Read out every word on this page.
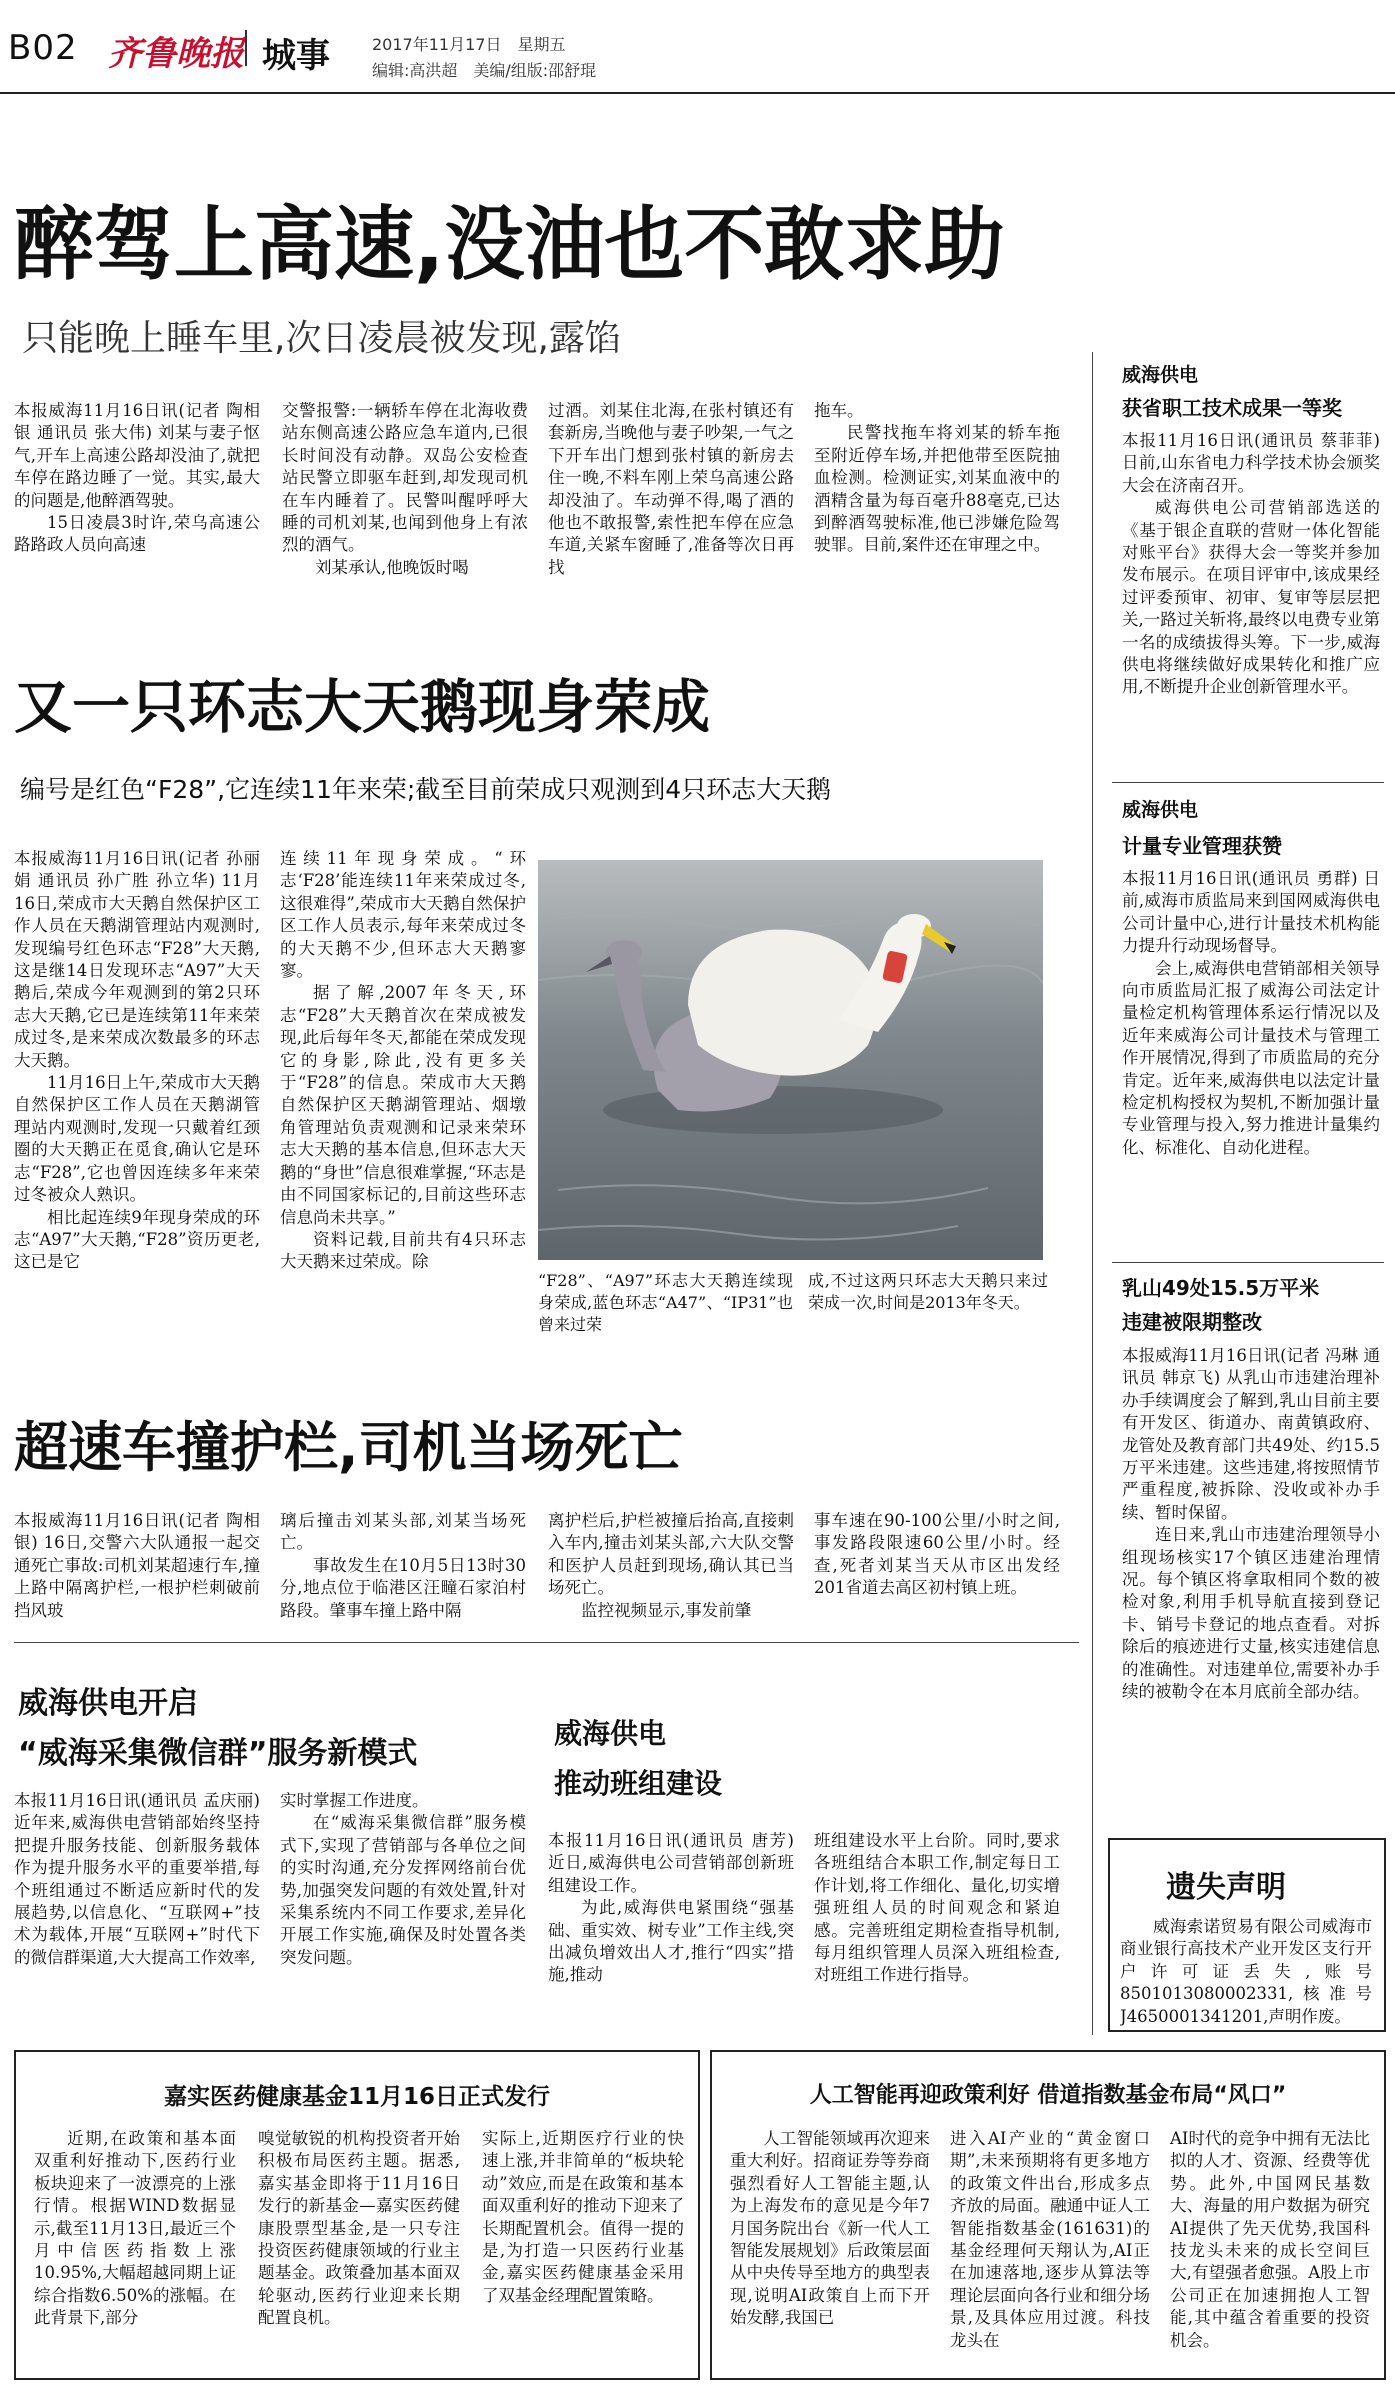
B02 齐鲁晚报 城事	2017年11月17日　星期五
编辑:高洪超　美编/组版:邵舒琨
醉驾上高速,没油也不敢求助
只能晚上睡车里,次日凌晨被发现,露馅

本报威海11月16日讯(记者 陶相银 通讯员 张大伟) 刘某与妻子怄气,开车上高速公路却没油了,就把车停在路边睡了一觉。其实,最大的问题是,他醉酒驾驶。

15日凌晨3时许,荣乌高速公路路政人员向高速

交警报警:一辆轿车停在北海收费站东侧高速公路应急车道内,已很长时间没有动静。双岛公安检查站民警立即驱车赶到,却发现司机在车内睡着了。民警叫醒呼呼大睡的司机刘某,也闻到他身上有浓烈的酒气。

刘某承认,他晚饭时喝

过酒。刘某住北海,在张村镇还有套新房,当晚他与妻子吵架,一气之下开车出门想到张村镇的新房去住一晚,不料车刚上荣乌高速公路却没油了。车动弹不得,喝了酒的他也不敢报警,索性把车停在应急车道,关紧车窗睡了,准备等次日再找

拖车。

民警找拖车将刘某的轿车拖至附近停车场,并把他带至医院抽血检测。检测证实,刘某血液中的酒精含量为每百毫升88毫克,已达到醉酒驾驶标准,他已涉嫌危险驾驶罪。目前,案件还在审理之中。

又一只环志大天鹅现身荣成
编号是红色“F28”,它连续11年来荣;截至目前荣成只观测到4只环志大天鹅

本报威海11月16日讯(记者 孙丽娟 通讯员 孙广胜 孙立华) 11月16日,荣成市大天鹅自然保护区工作人员在天鹅湖管理站内观测时,发现编号红色环志“F28”大天鹅,这是继14日发现环志“A97”大天鹅后,荣成今年观测到的第2只环志大天鹅,它已是连续第11年来荣成过冬,是来荣成次数最多的环志大天鹅。

11月16日上午,荣成市大天鹅自然保护区工作人员在天鹅湖管理站内观测时,发现一只戴着红颈圈的大天鹅正在觅食,确认它是环志“F28”,它也曾因连续多年来荣过冬被众人熟识。

相比起连续9年现身荣成的环志“A97”大天鹅,“F28”资历更老,这已是它

连续11年现身荣成。“环志‘F28’能连续11年来荣成过冬,这很难得”,荣成市大天鹅自然保护区工作人员表示,每年来荣成过冬的大天鹅不少,但环志大天鹅寥寥。

据了解,2007年冬天,环志“F28”大天鹅首次在荣成被发现,此后每年冬天,都能在荣成发现它的身影,除此,没有更多关于“F28”的信息。荣成市大天鹅自然保护区天鹅湖管理站、烟墩角管理站负责观测和记录来荣环志大天鹅的基本信息,但环志大天鹅的“身世”信息很难掌握,“环志是由不同国家标记的,目前这些环志信息尚未共享。”

资料记载,目前共有4只环志大天鹅来过荣成。除

“F28”、“A97”环志大天鹅连续现身荣成,蓝色环志“A47”、“IP31”也曾来过荣
成,不过这两只环志大天鹅只来过荣成一次,时间是2013年冬天。
超速车撞护栏,司机当场死亡

本报威海11月16日讯(记者 陶相银) 16日,交警六大队通报一起交通死亡事故:司机刘某超速行车,撞上路中隔离护栏,一根护栏刺破前挡风玻

璃后撞击刘某头部,刘某当场死亡。

事故发生在10月5日13时30分,地点位于临港区汪疃石家泊村路段。肇事车撞上路中隔

离护栏后,护栏被撞后抬高,直接刺入车内,撞击刘某头部,六大队交警和医护人员赶到现场,确认其已当场死亡。

监控视频显示,事发前肇

事车速在90-100公里/小时之间,事发路段限速60公里/小时。经查,死者刘某当天从市区出发经201省道去高区初村镇上班。

威海供电开启
“威海采集微信群”服务新模式

本报11月16日讯(通讯员 孟庆丽) 近年来,威海供电营销部始终坚持把提升服务技能、创新服务载体作为提升服务水平的重要举措,每个班组通过不断适应新时代的发展趋势,以信息化、“互联网+”技术为载体,开展“互联网+”时代下的微信群渠道,大大提高工作效率,

实时掌握工作进度。

在“威海采集微信群”服务模式下,实现了营销部与各单位之间的实时沟通,充分发挥网络前台优势,加强突发问题的有效处置,针对采集系统内不同工作要求,差异化开展工作实施,确保及时处置各类突发问题。

威海供电
推动班组建设

本报11月16日讯(通讯员 唐芳) 近日,威海供电公司营销部创新班组建设工作。

为此,威海供电紧围绕“强基础、重实效、树专业”工作主线,突出减负增效出人才,推行“四实”措施,推动

班组建设水平上台阶。同时,要求各班组结合本职工作,制定每日工作计划,将工作细化、量化,切实增强班组人员的时间观念和紧迫感。完善班组定期检查指导机制,每月组织管理人员深入班组检查,对班组工作进行指导。

威海供电
获省职工技术成果一等奖

本报11月16日讯(通讯员 蔡菲菲) 日前,山东省电力科学技术协会颁奖大会在济南召开。

威海供电公司营销部选送的《基于银企直联的营财一体化智能对账平台》获得大会一等奖并参加发布展示。在项目评审中,该成果经过评委预审、初审、复审等层层把关,一路过关斩将,最终以电费专业第一名的成绩拔得头筹。下一步,威海供电将继续做好成果转化和推广应用,不断提升企业创新管理水平。

威海供电
计量专业管理获赞

本报11月16日讯(通讯员 勇群) 日前,威海市质监局来到国网威海供电公司计量中心,进行计量技术机构能力提升行动现场督导。

会上,威海供电营销部相关领导向市质监局汇报了威海公司法定计量检定机构管理体系运行情况以及近年来威海公司计量技术与管理工作开展情况,得到了市质监局的充分肯定。近年来,威海供电以法定计量检定机构授权为契机,不断加强计量专业管理与投入,努力推进计量集约化、标准化、自动化进程。

乳山49处15.5万平米
违建被限期整改

本报威海11月16日讯(记者 冯琳 通讯员 韩京飞) 从乳山市违建治理补办手续调度会了解到,乳山目前主要有开发区、街道办、南黄镇政府、龙管处及教育部门共49处、约15.5万平米违建。这些违建,将按照情节严重程度,被拆除、没收或补办手续、暂时保留。

连日来,乳山市违建治理领导小组现场核实17个镇区违建治理情况。每个镇区将拿取相同个数的被检对象,利用手机导航直接到登记卡、销号卡登记的地点查看。对拆除后的痕迹进行丈量,核实违建信息的准确性。对违建单位,需要补办手续的被勒令在本月底前全部办结。

遗失声明
威海索诺贸易有限公司威海市商业银行高技术产业开发区支行开户许可证丢失,账号8501013080002331,核准号J4650001341201,声明作废。
嘉实医药健康基金11月16日正式发行
近期,在政策和基本面双重利好推动下,医药行业板块迎来了一波漂亮的上涨行情。根据WIND数据显示,截至11月13日,最近三个月中信医药指数上涨10.95%,大幅超越同期上证综合指数6.50%的涨幅。在此背景下,部分
嗅觉敏锐的机构投资者开始积极布局医药主题。据悉,嘉实基金即将于11月16日发行的新基金—嘉实医药健康股票型基金,是一只专注投资医药健康领域的行业主题基金。政策叠加基本面双轮驱动,医药行业迎来长期配置良机。
实际上,近期医疗行业的快速上涨,并非简单的“板块轮动”效应,而是在政策和基本面双重利好的推动下迎来了长期配置机会。值得一提的是,为打造一只医药行业基金,嘉实医药健康基金采用了双基金经理配置策略。
人工智能再迎政策利好 借道指数基金布局“风口”
人工智能领域再次迎来重大利好。招商证券等券商强烈看好人工智能主题,认为上海发布的意见是今年7月国务院出台《新一代人工智能发展规划》后政策层面从中央传导至地方的典型表现,说明AI政策自上而下开始发酵,我国已
进入AI产业的“黄金窗口期”,未来预期将有更多地方的政策文件出台,形成多点齐放的局面。融通中证人工智能指数基金(161631)的基金经理何天翔认为,AI正在加速落地,逐步从算法等理论层面向各行业和细分场景,及具体应用过渡。科技龙头在
AI时代的竞争中拥有无法比拟的人才、资源、经费等优势。此外,中国网民基数大、海量的用户数据为研究AI提供了先天优势,我国科技龙头未来的成长空间巨大,有望强者愈强。A股上市公司正在加速拥抱人工智能,其中蕴含着重要的投资机会。
